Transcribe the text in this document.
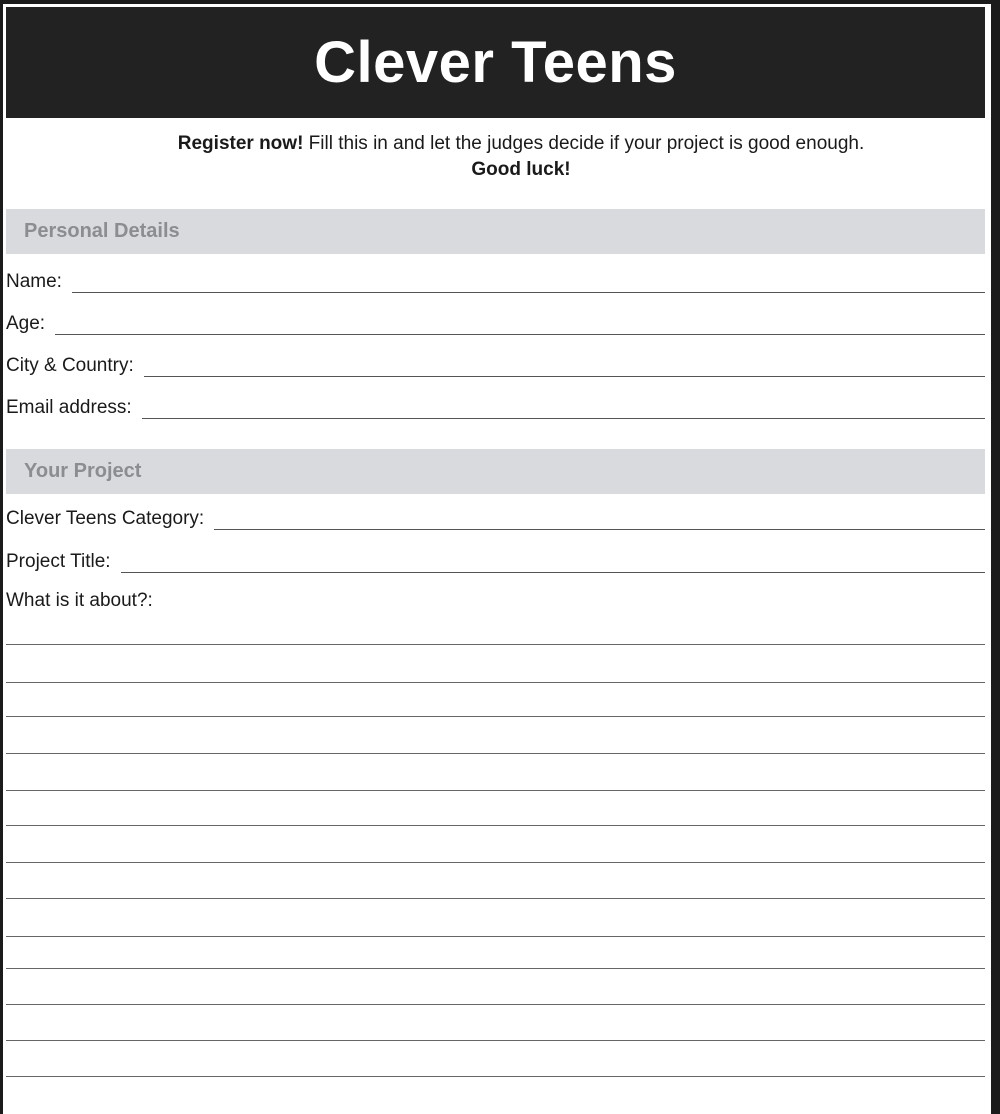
Clever Teens
Register now! Fill this in and let the judges decide if your project is good enough.
Good luck!
Personal Details
Name:
Age:
City & Country:
Email address:
Your Project
Clever Teens Category:
Project Title:
What is it about?:
